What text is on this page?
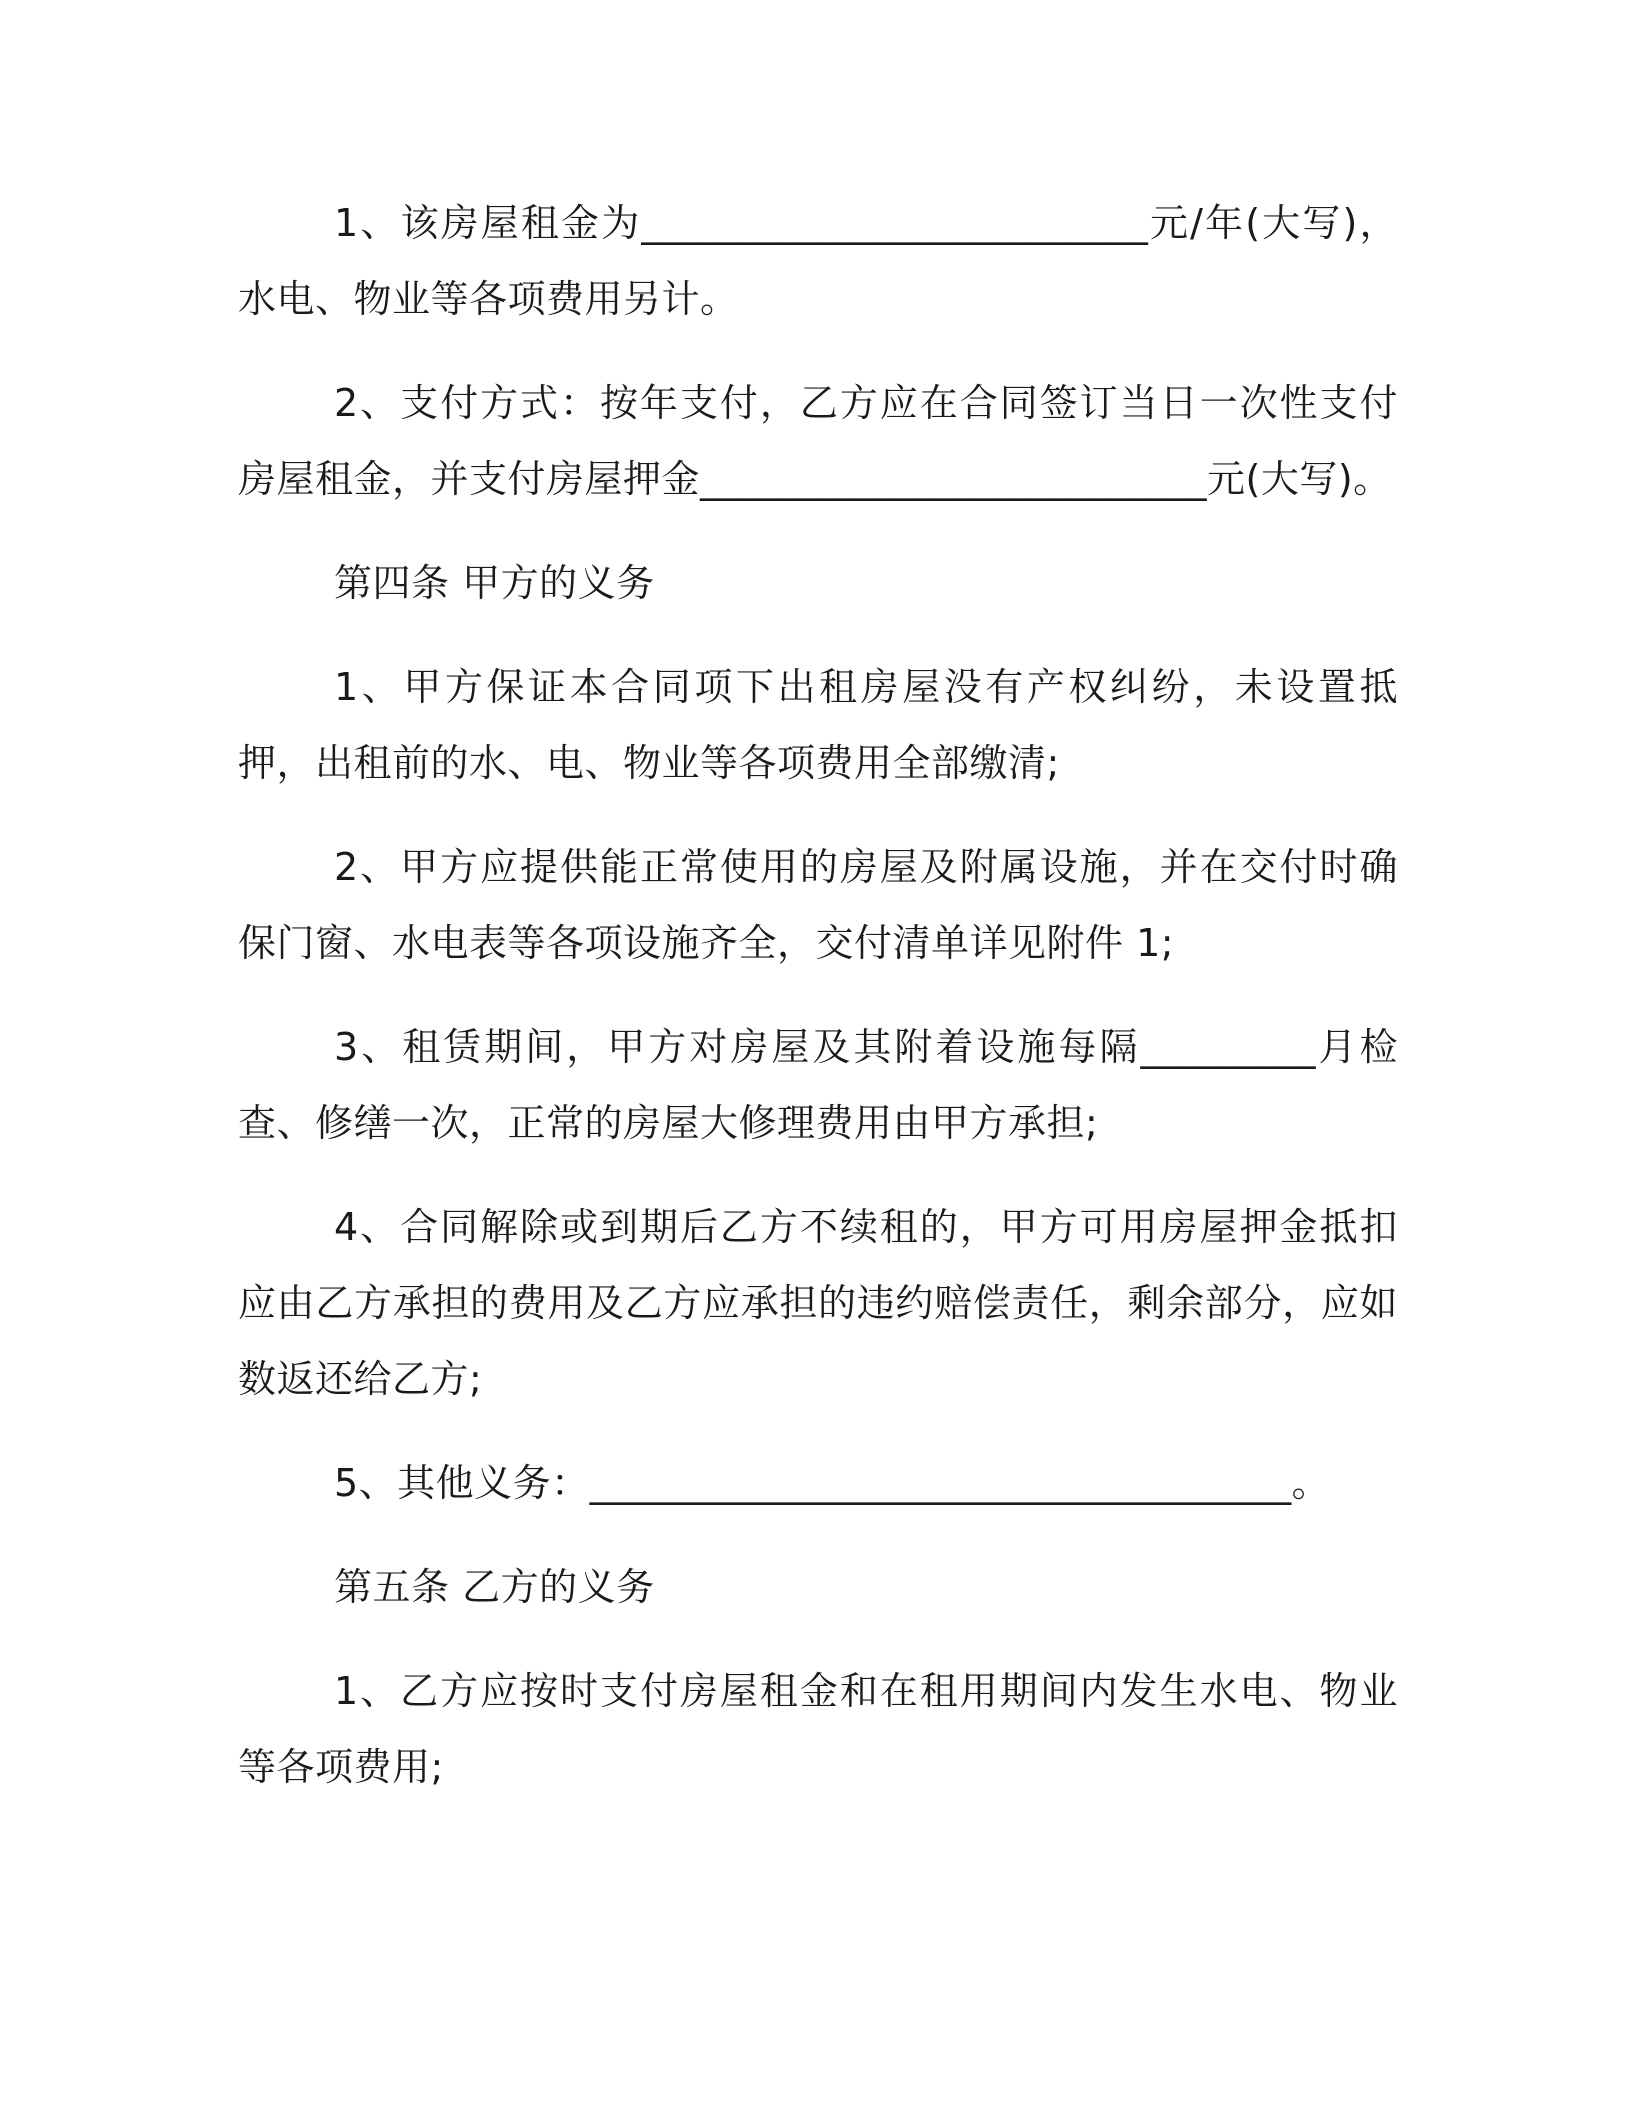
1、该房屋租金为__________________________元/年(大写)，水电、物业等各项费用另计。

2、支付方式：按年支付，乙方应在合同签订当日一次性支付房屋租金，并支付房屋押金__________________________元(大写)。

第四条 甲方的义务

1、甲方保证本合同项下出租房屋没有产权纠纷，未设置抵押，出租前的水、电、物业等各项费用全部缴清;

2、甲方应提供能正常使用的房屋及附属设施，并在交付时确保门窗、水电表等各项设施齐全，交付清单详见附件 1;

3、租赁期间，甲方对房屋及其附着设施每隔_________月检查、修缮一次，正常的房屋大修理费用由甲方承担;

4、合同解除或到期后乙方不续租的，甲方可用房屋押金抵扣应由乙方承担的费用及乙方应承担的违约赔偿责任，剩余部分，应如数返还给乙方;

5、其他义务：____________________________________。

第五条 乙方的义务

1、乙方应按时支付房屋租金和在租用期间内发生水电、物业等各项费用;
